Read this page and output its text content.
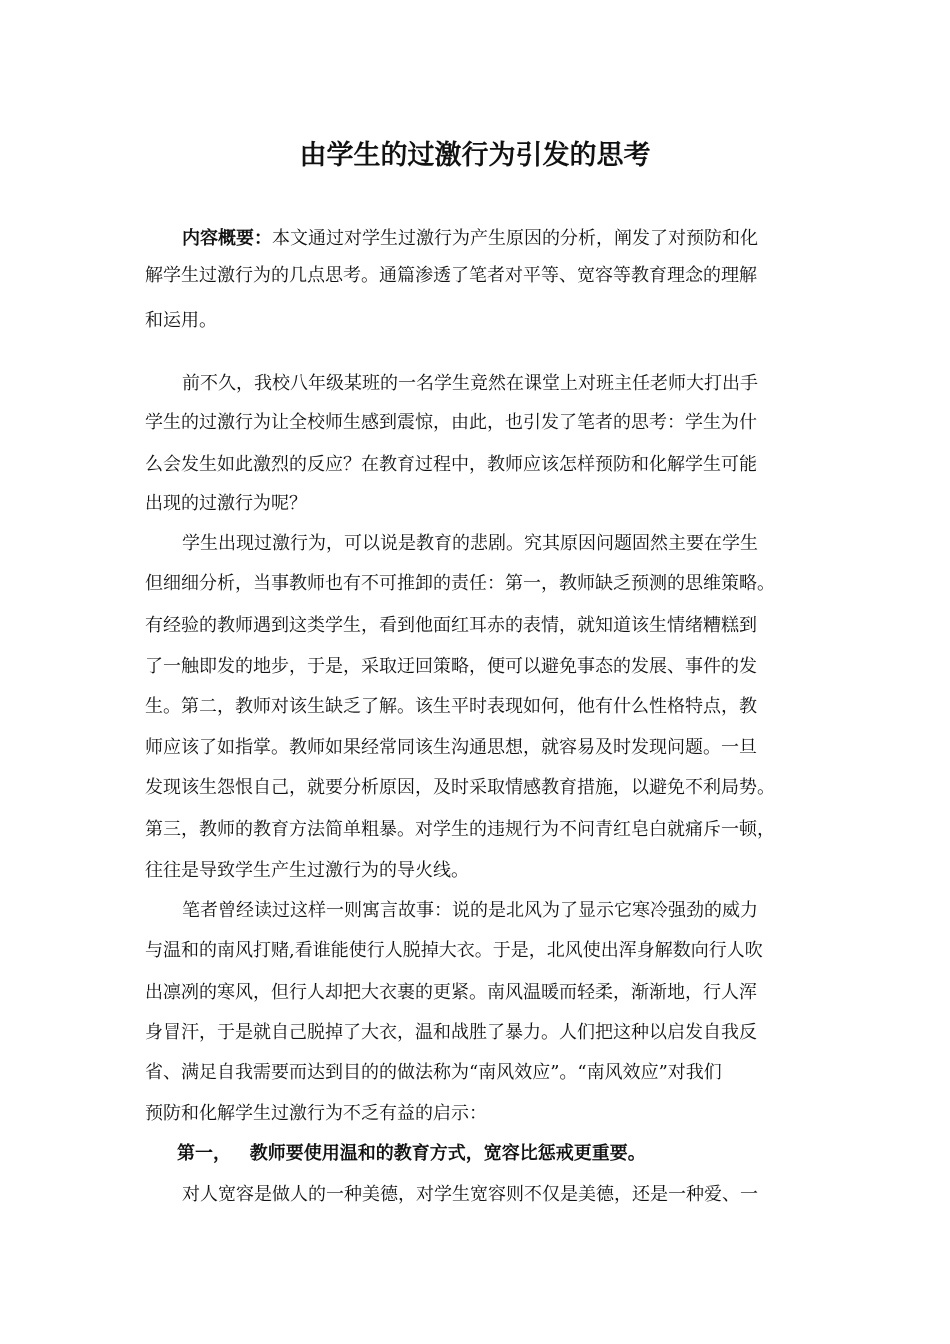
由学生的过激行为引发的思考
内容概要：本文通过对学生过激行为产生原因的分析，阐发了对预防和化
解学生过激行为的几点思考。通篇渗透了笔者对平等、宽容等教育理念的理解
和运用。
前不久，我校八年级某班的一名学生竟然在课堂上对班主任老师大打出手
学生的过激行为让全校师生感到震惊，由此，也引发了笔者的思考：学生为什
么会发生如此激烈的反应？在教育过程中，教师应该怎样预防和化解学生可能
出现的过激行为呢？
学生出现过激行为，可以说是教育的悲剧。究其原因问题固然主要在学生
但细细分析，当事教师也有不可推卸的责任：第一，教师缺乏预测的思维策略。
有经验的教师遇到这类学生，看到他面红耳赤的表情，就知道该生情绪糟糕到
了一触即发的地步，于是，采取迂回策略，便可以避免事态的发展、事件的发
生。第二，教师对该生缺乏了解。该生平时表现如何，他有什么性格特点，教
师应该了如指掌。教师如果经常同该生沟通思想，就容易及时发现问题。一旦
发现该生怨恨自己，就要分析原因，及时采取情感教育措施，以避免不利局势。
第三，教师的教育方法简单粗暴。对学生的违规行为不问青红皂白就痛斥一顿，
往往是导致学生产生过激行为的导火线。
笔者曾经读过这样一则寓言故事：说的是北风为了显示它寒冷强劲的威力
与温和的南风打赌,看谁能使行人脱掉大衣。于是，北风使出浑身解数向行人吹
出凛冽的寒风，但行人却把大衣裹的更紧。南风温暖而轻柔，渐渐地，行人浑
身冒汗，于是就自己脱掉了大衣，温和战胜了暴力。人们把这种以启发自我反
省、满足自我需要而达到目的的做法称为“南风效应”。“南风效应”对我们
预防和化解学生过激行为不乏有益的启示：
第一，   教师要使用温和的教育方式，宽容比惩戒更重要。
对人宽容是做人的一种美德，对学生宽容则不仅是美德，还是一种爱、一
